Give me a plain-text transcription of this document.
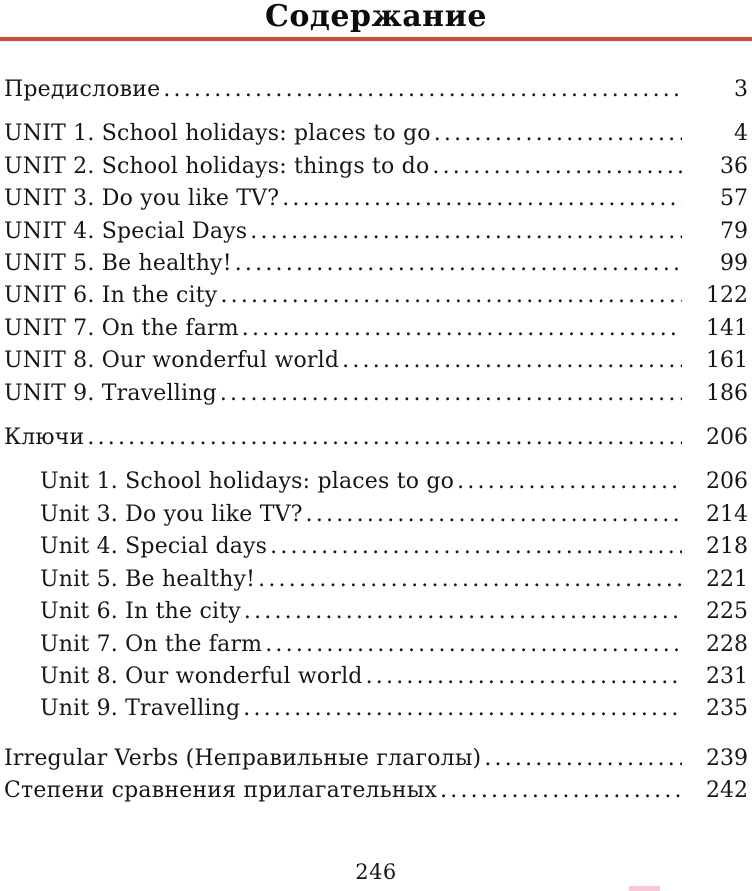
Содержание
Предисловие .....	3
UNIT 1. School holidays: places to go .....	4
UNIT 2. School holidays: things to do .....	36
UNIT 3. Do you like TV? .....	57
UNIT 4. Special Days .....	79
UNIT 5. Be healthy! .....	99
UNIT 6. In the city .....	122
UNIT 7. On the farm .....	141
UNIT 8. Our wonderful world .....	161
UNIT 9. Travelling .....	186
Ключи .....	206
Unit 1. School holidays: places to go .....	206
Unit 3. Do you like TV? .....	214
Unit 4. Special days .....	218
Unit 5. Be healthy! .....	221
Unit 6. In the city .....	225
Unit 7. On the farm .....	228
Unit 8. Our wonderful world .....	231
Unit 9. Travelling .....	235
Irregular Verbs (Неправильные глаголы) .....	239
Степени сравнения прилагательных .....	242
246
